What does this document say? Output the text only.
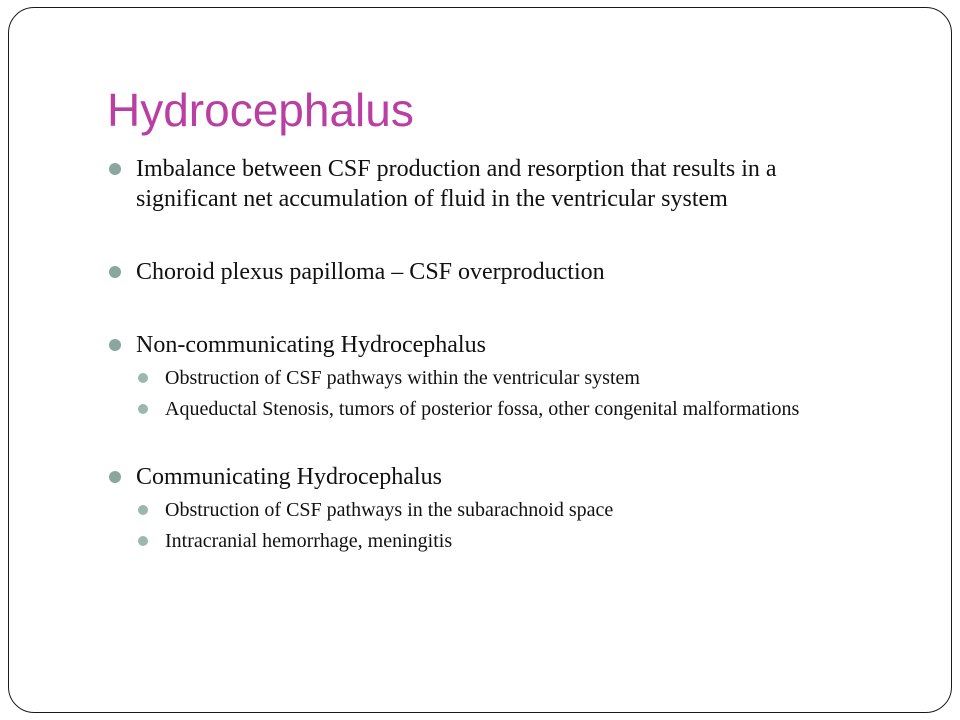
Hydrocephalus
Imbalance between CSF production and resorption that results in a significant net accumulation of fluid in the ventricular system
Choroid plexus papilloma – CSF overproduction
Non-communicating Hydrocephalus
Obstruction of CSF pathways within the ventricular system
Aqueductal Stenosis, tumors of posterior fossa, other congenital malformations
Communicating Hydrocephalus
Obstruction of CSF pathways in the subarachnoid space
Intracranial hemorrhage, meningitis
